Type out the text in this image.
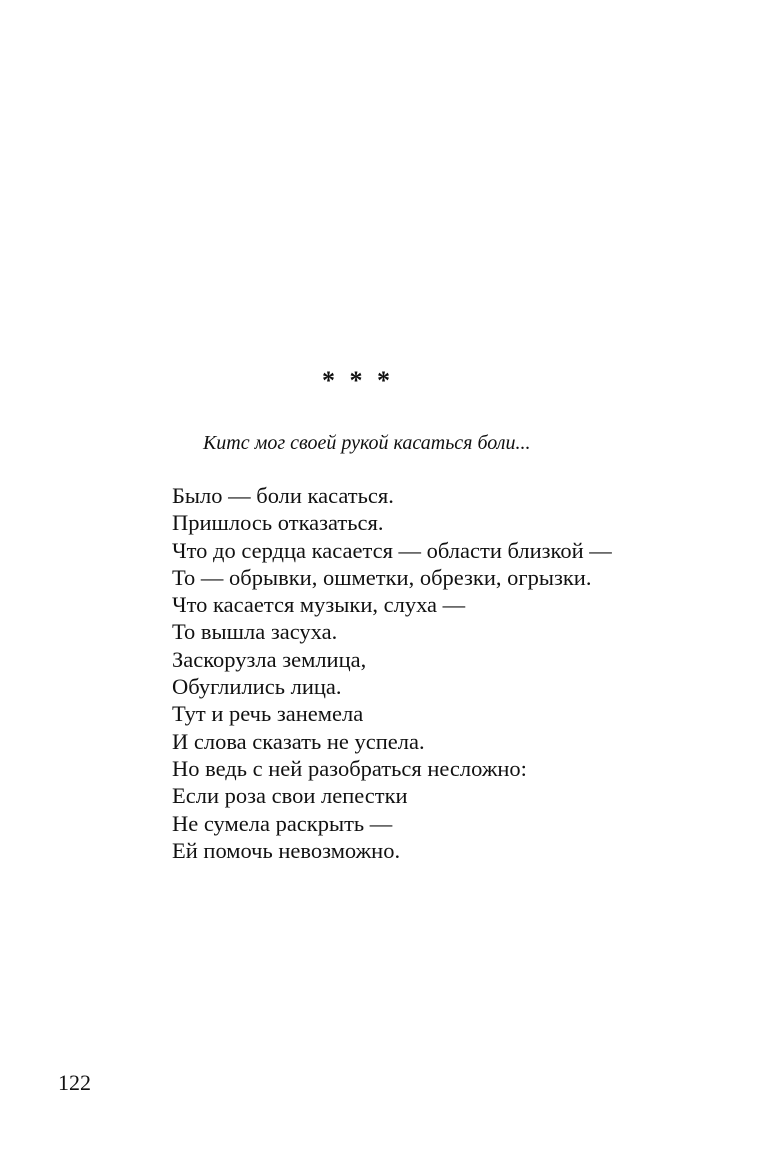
* * *
Китс мог своей рукой касаться боли...
Было — боли касаться.
Пришлось отказаться.
Что до сердца касается — области близкой —
То — обрывки, ошметки, обрезки, огрызки.
Что касается музыки, слуха —
То вышла засуха.
Заскорузла землица,
Обуглились лица.
Тут и речь занемела
И слова сказать не успела.
Но ведь с ней разобраться несложно:
Если роза свои лепестки
Не сумела раскрыть —
Ей помочь невозможно.
122
